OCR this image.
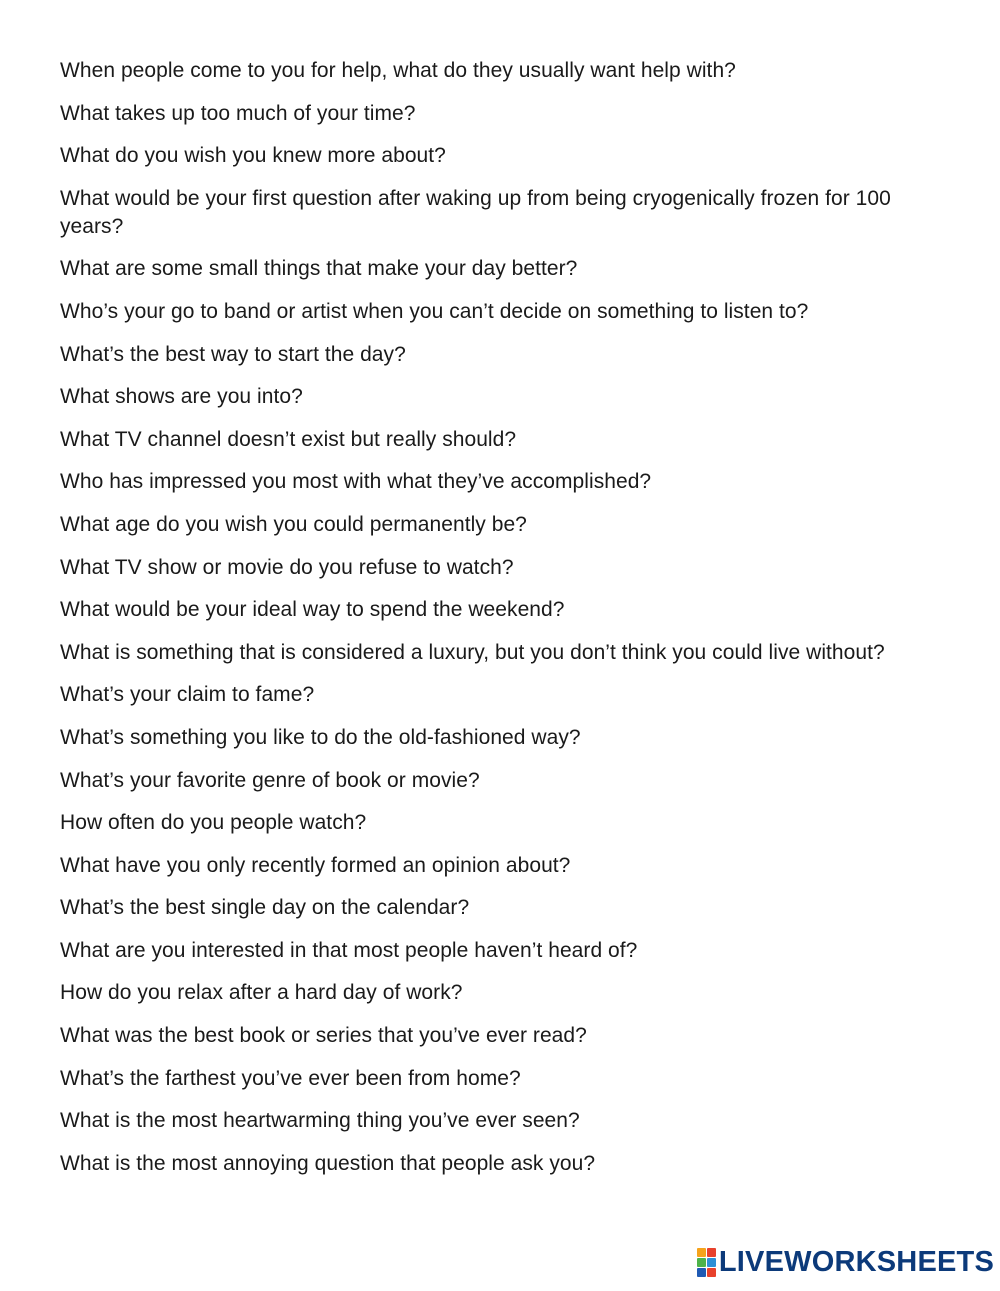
When people come to you for help, what do they usually want help with?
What takes up too much of your time?
What do you wish you knew more about?
What would be your first question after waking up from being cryogenically frozen for 100 years?
What are some small things that make your day better?
Who’s your go to band or artist when you can’t decide on something to listen to?
What’s the best way to start the day?
What shows are you into?
What TV channel doesn’t exist but really should?
Who has impressed you most with what they’ve accomplished?
What age do you wish you could permanently be?
What TV show or movie do you refuse to watch?
What would be your ideal way to spend the weekend?
What is something that is considered a luxury, but you don’t think you could live without?
What’s your claim to fame?
What’s something you like to do the old-fashioned way?
What’s your favorite genre of book or movie?
How often do you people watch?
What have you only recently formed an opinion about?
What’s the best single day on the calendar?
What are you interested in that most people haven’t heard of?
How do you relax after a hard day of work?
What was the best book or series that you’ve ever read?
What’s the farthest you’ve ever been from home?
What is the most heartwarming thing you’ve ever seen?
What is the most annoying question that people ask you?
LIVEWORKSHEETS
